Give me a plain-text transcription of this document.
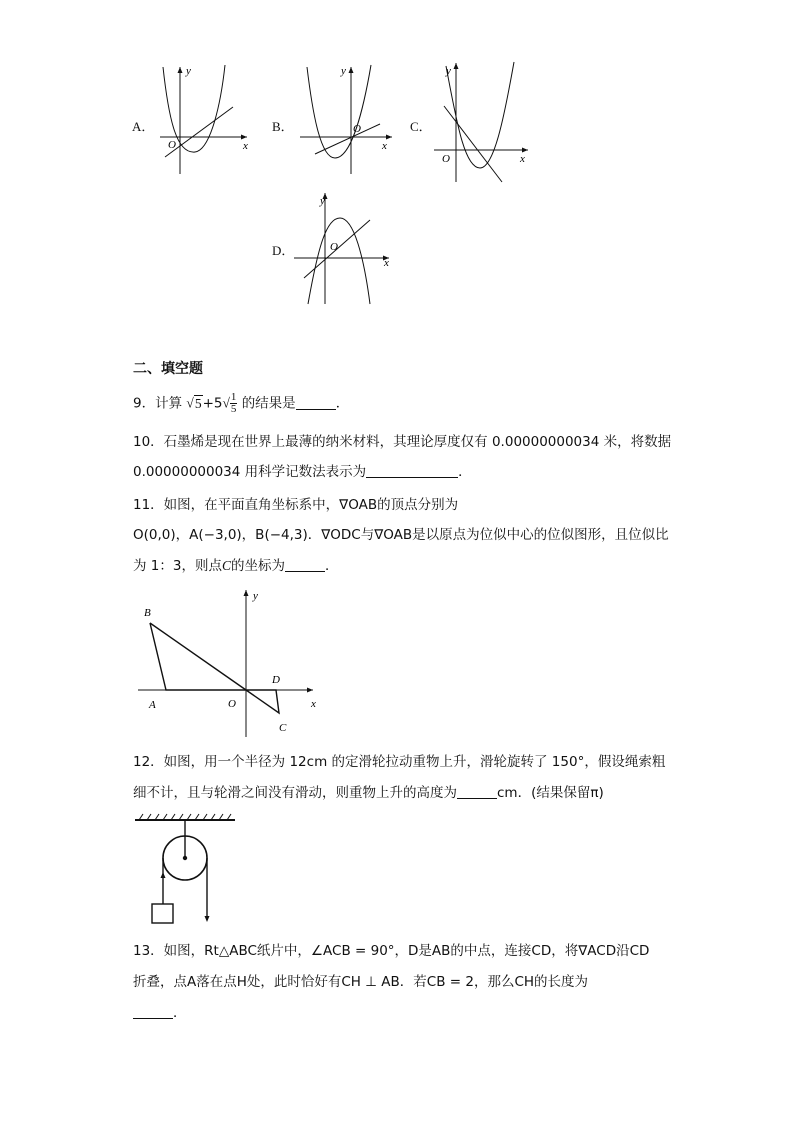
A．
y
x
O
B．
y
x
O	C．
y
x
O
D．
y
x
O
二、填空题
9．计算 $√5+5√ \frac{1}{5}$ 的结果是	．
10．石墨烯是现在世界上最薄的纳米材料，其理论厚度仅有 0.00000000034 米，将数据
0.00000000034 用科学记数法表示为	．
11．如图，在平面直角坐标系中，∇OAB的顶点分别为
O(0,0)，A(−3,0)，B(−4,3)．∇ODC与∇OAB是以原点为位似中心的位似图形，且位似比
为 1：3，则点C的坐标为	．
B
A	O
D
C
x
y
12．如图，用一个半径为 12cm 的定滑轮拉动重物上升，滑轮旋转了 150°，假设绳索粗
细不计，且与轮滑之间没有滑动，则重物上升的高度为	cm．(结果保留π)
13．如图，Rt△ABC纸片中，∠ACB = 90°，D是AB的中点，连接CD，将∇ACD沿CD
折叠，点A落在点H处，此时恰好有CH ⊥ AB．若CB = 2，那么CH的长度为
．
